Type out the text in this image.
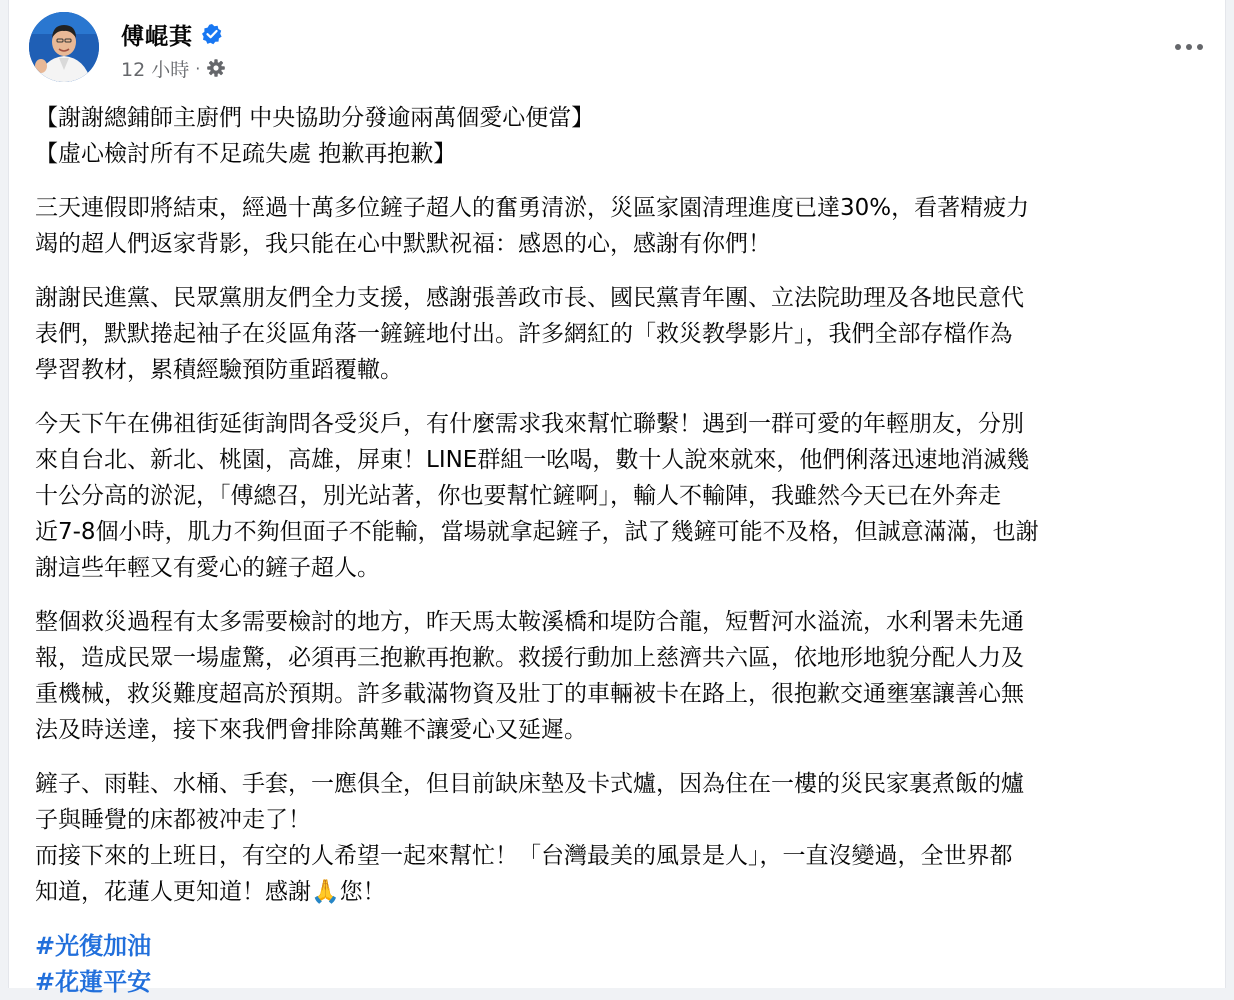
傅崐萁
12 小時 ·

【謝謝總鋪師主廚們 中央協助分發逾兩萬個愛心便當】
【虛心檢討所有不足疏失處 抱歉再抱歉】

三天連假即將結束，經過十萬多位鏟子超人的奮勇清淤，災區家園清理進度已達30%，看著精疲力
竭的超人們返家背影，我只能在心中默默祝福：感恩的心，感謝有你們！

謝謝民進黨、民眾黨朋友們全力支援，感謝張善政市長、國民黨青年團、立法院助理及各地民意代
表們，默默捲起袖子在災區角落一鏟鏟地付出。許多網紅的「救災教學影片」，我們全部存檔作為
學習教材，累積經驗預防重蹈覆轍。

今天下午在佛祖街延街詢問各受災戶，有什麼需求我來幫忙聯繫！遇到一群可愛的年輕朋友，分別
來自台北、新北、桃園，高雄，屏東！LINE群組一吆喝，數十人說來就來，他們俐落迅速地消滅幾
十公分高的淤泥，「傅總召，別光站著，你也要幫忙鏟啊」，輸人不輸陣，我雖然今天已在外奔走
近7-8個小時，肌力不夠但面子不能輸，當場就拿起鏟子，試了幾鏟可能不及格，但誠意滿滿，也謝
謝這些年輕又有愛心的鏟子超人。

整個救災過程有太多需要檢討的地方，昨天馬太鞍溪橋和堤防合龍，短暫河水溢流，水利署未先通
報，造成民眾一場虛驚，必須再三抱歉再抱歉。救援行動加上慈濟共六區，依地形地貌分配人力及
重機械，救災難度超高於預期。許多載滿物資及壯丁的車輛被卡在路上，很抱歉交通壅塞讓善心無
法及時送達，接下來我們會排除萬難不讓愛心又延遲。

鏟子、雨鞋、水桶、手套，一應俱全，但目前缺床墊及卡式爐，因為住在一樓的災民家裏煮飯的爐
子與睡覺的床都被冲走了！
而接下來的上班日，有空的人希望一起來幫忙！「台灣最美的風景是人」，一直沒變過，全世界都
知道，花蓮人更知道！感謝🙏您！

#光復加油
#花蓮平安
